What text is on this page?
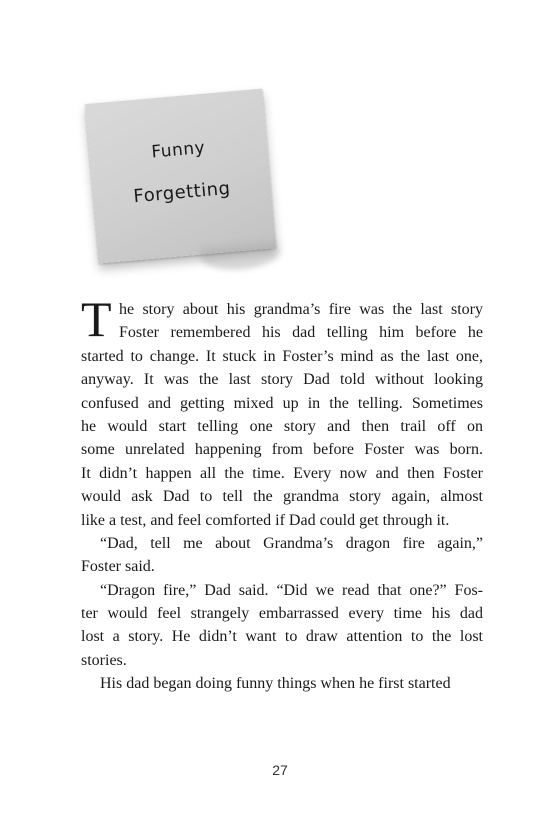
Funny
Forgetting
T he story about his grandma’s fire was the last story
Foster remembered his dad telling him before he
started to change. It stuck in Foster’s mind as the last one,
anyway. It was the last story Dad told without looking
confused and getting mixed up in the telling. Sometimes
he would start telling one story and then trail off on
some unrelated happening from before Foster was born.
It didn’t happen all the time. Every now and then Foster
would ask Dad to tell the grandma story again, almost
like a test, and feel comforted if Dad could get through it.
“Dad, tell me about Grandma’s dragon fire again,”
Foster said.
“Dragon fire,” Dad said. “Did we read that one?” Fos-
ter would feel strangely embarrassed every time his dad
lost a story. He didn’t want to draw attention to the lost
stories.
His dad began doing funny things when he first started
27
